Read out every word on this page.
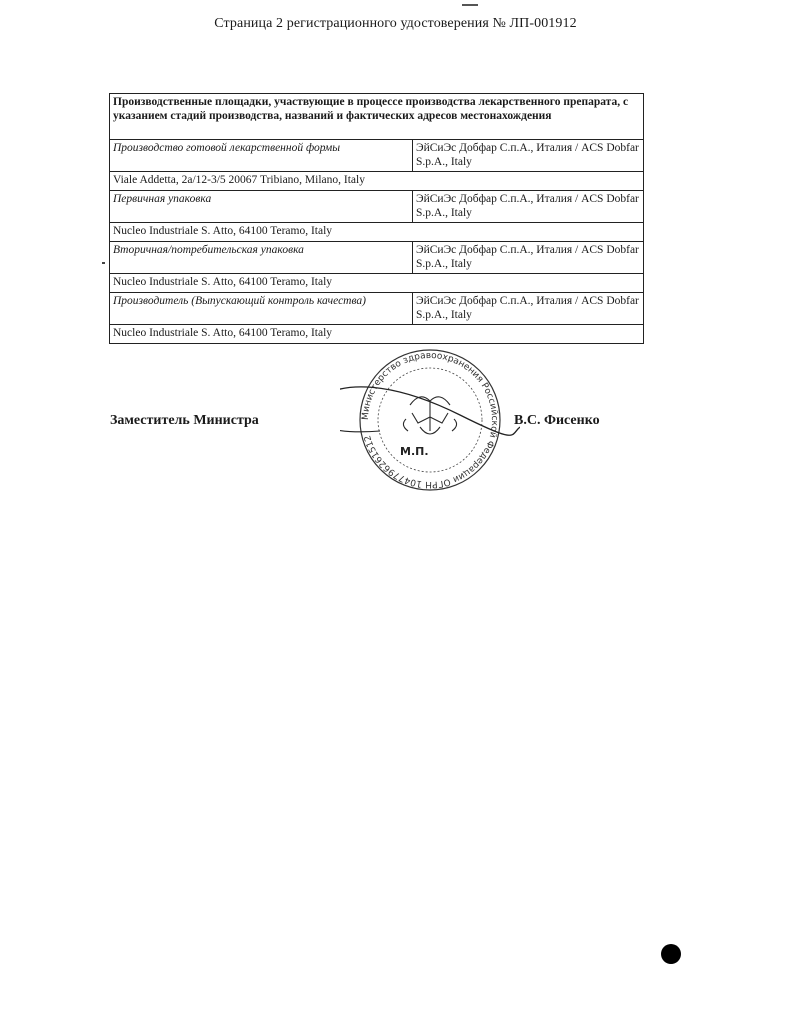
Страница 2 регистрационного удостоверения № ЛП-001912
Производственные площадки, участвующие в процессе производства лекарственного препарата, с указанием стадий производства, названий и фактических адресов местонахождения	
Производство готовой лекарственной формы	ЭйСиЭс Добфар С.п.А., Италия / ACS Dobfar S.p.A., Italy
Viale Addetta, 2a/12-3/5 20067 Tribiano, Milano, Italy	
Первичная упаковка	ЭйСиЭс Добфар С.п.А., Италия / ACS Dobfar S.p.A., Italy
Nucleo Industriale S. Atto, 64100 Teramo, Italy	
Вторичная/потребительская упаковка	ЭйСиЭс Добфар С.п.А., Италия / ACS Dobfar S.p.A., Italy
Nucleo Industriale S. Atto, 64100 Teramo, Italy	
Производитель (Выпускающий контроль качества)	ЭйСиЭс Добфар С.п.А., Италия / ACS Dobfar S.p.A., Italy
Nucleo Industriale S. Atto, 64100 Teramo, Italy	
Министерство здравоохранения Российской Федерации ОГРН 1047796261512
М.П.
Заместитель Министра	В.С. Фисенко
